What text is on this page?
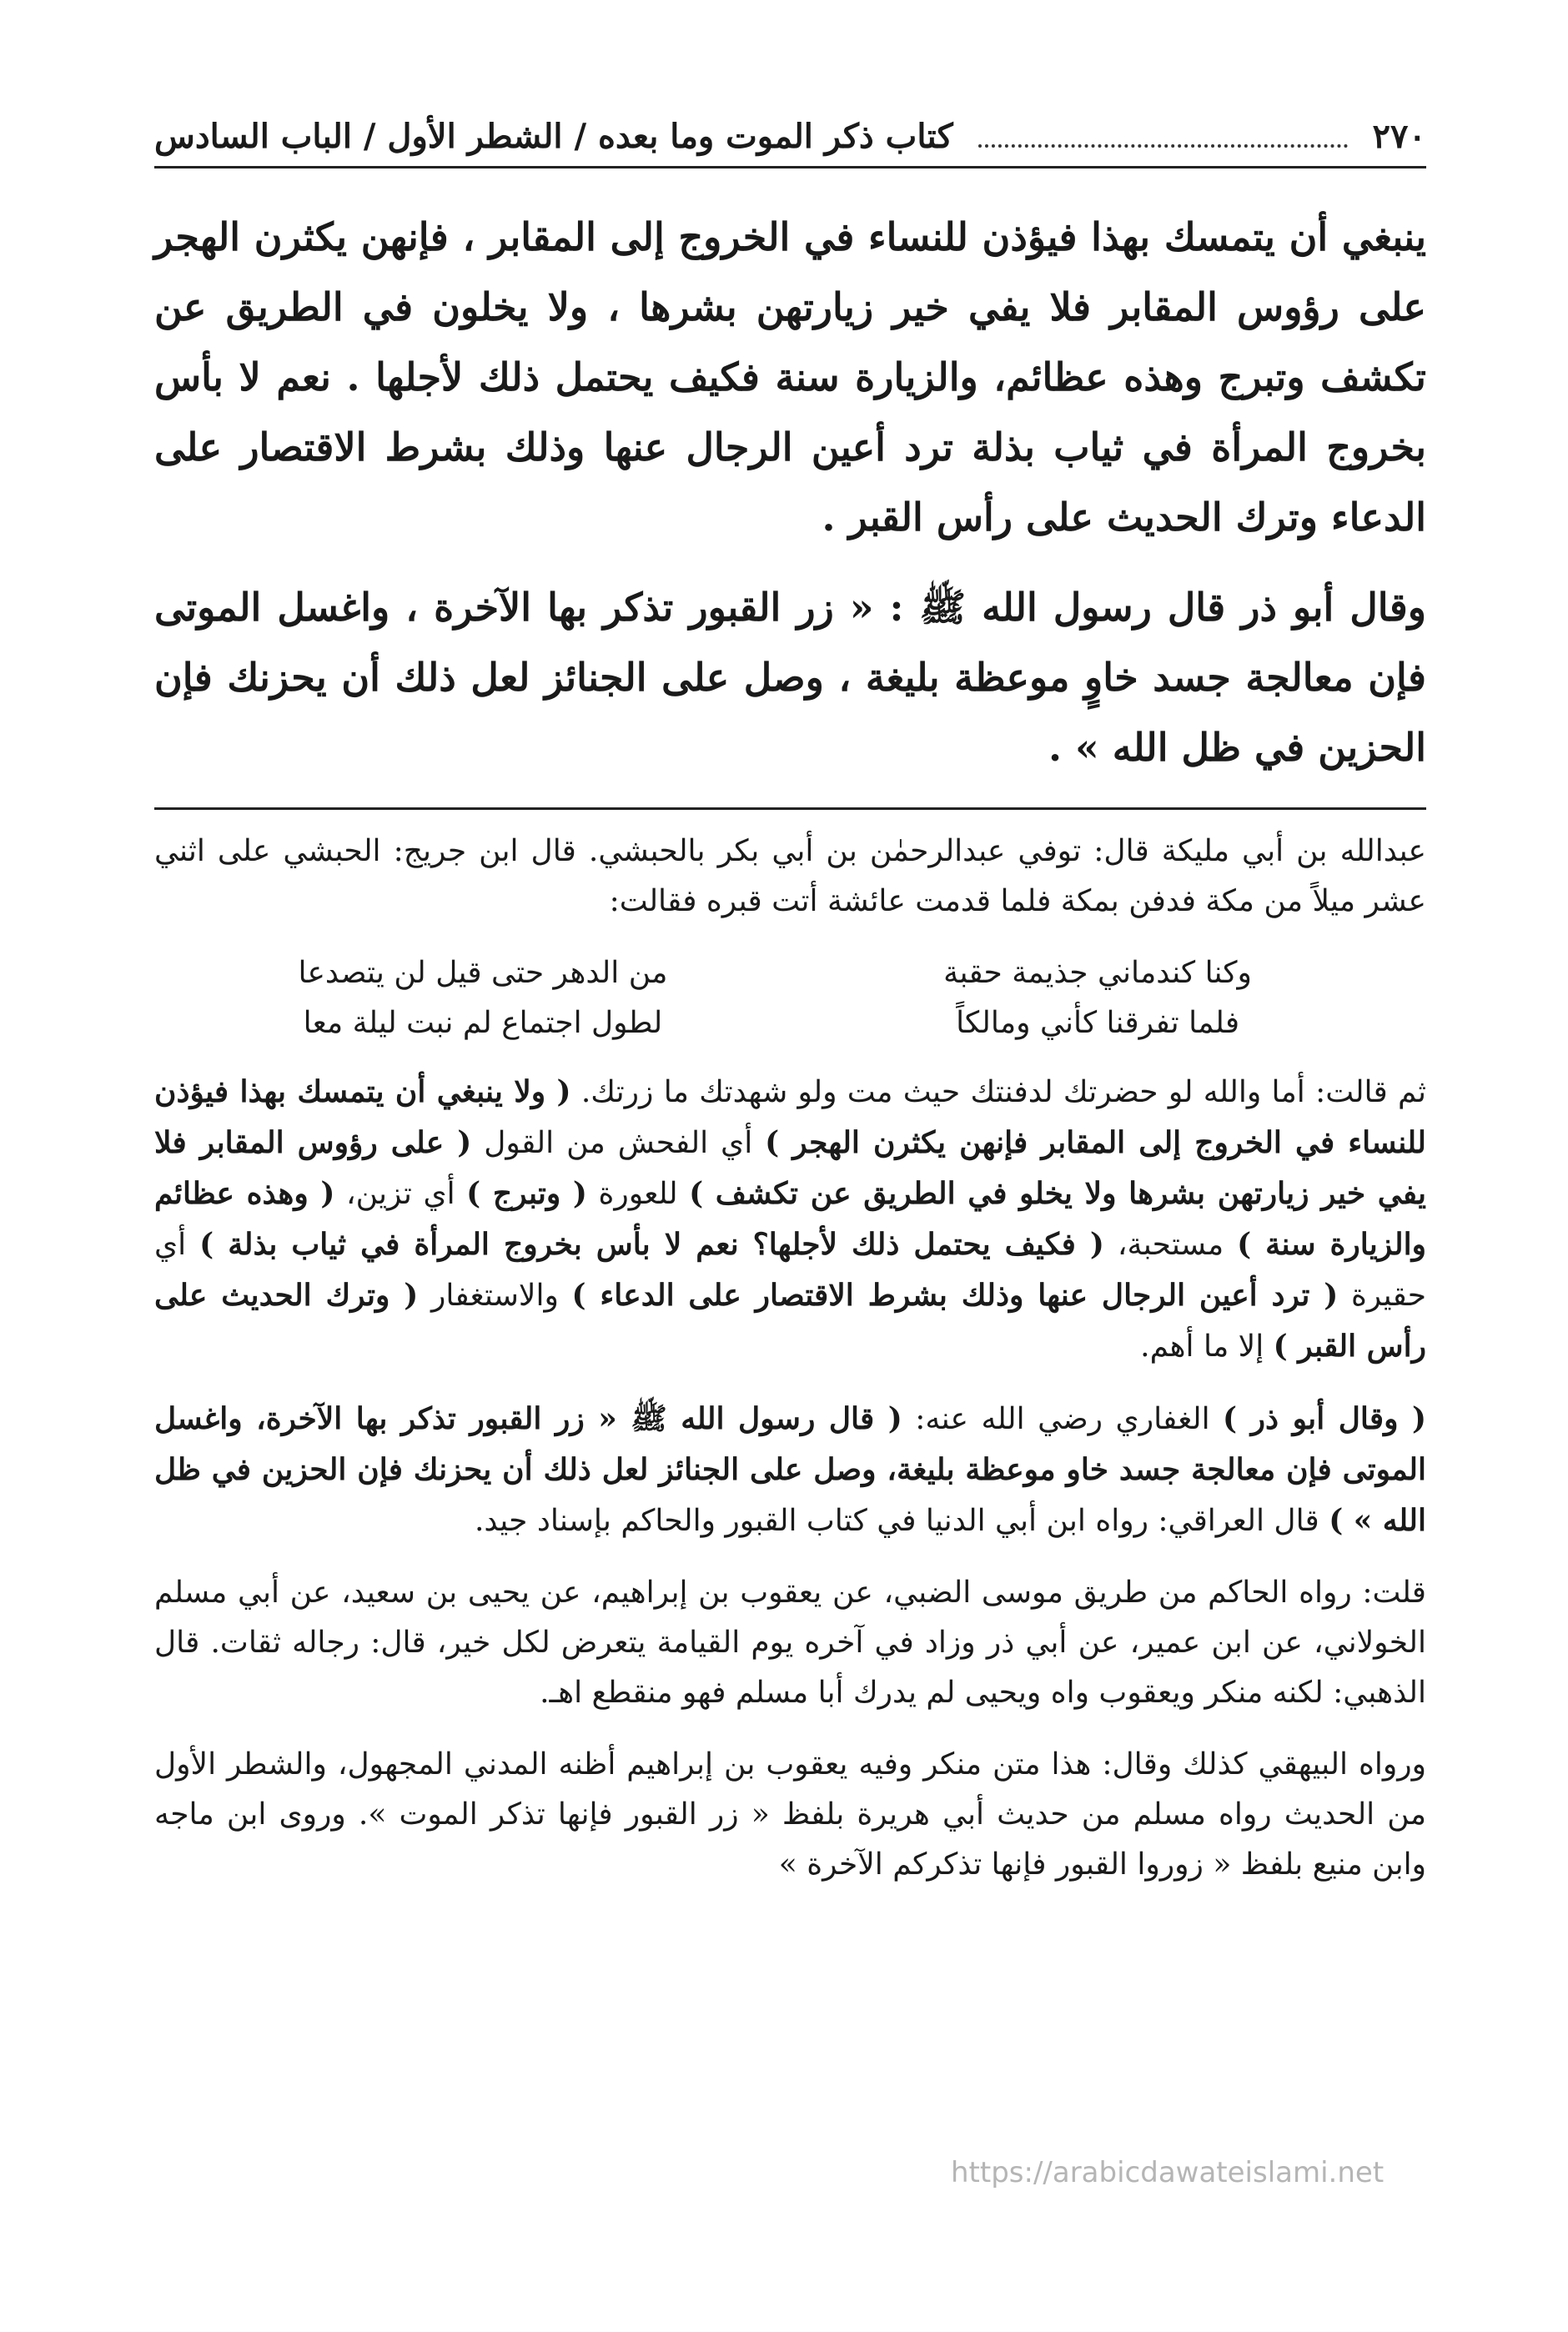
٢٧٠
كتاب ذكر الموت وما بعده / الشطر الأول / الباب السادس

ينبغي أن يتمسك بهذا فيؤذن للنساء في الخروج إلى المقابر ، فإنهن يكثرن الهجر على رؤوس المقابر فلا يفي خير زيارتهن بشرها ، ولا يخلون في الطريق عن تكشف وتبرج وهذه عظائم، والزيارة سنة فكيف يحتمل ذلك لأجلها . نعم لا بأس بخروج المرأة في ثياب بذلة ترد أعين الرجال عنها وذلك بشرط الاقتصار على الدعاء وترك الحديث على رأس القبر .

وقال أبو ذر قال رسول الله ﷺ : « زر القبور تذكر بها الآخرة ، واغسل الموتى فإن معالجة جسد خاوٍ موعظة بليغة ، وصل على الجنائز لعل ذلك أن يحزنك فإن الحزين في ظل الله » .

عبدالله بن أبي مليكة قال: توفي عبدالرحمٰن بن أبي بكر بالحبشي. قال ابن جريج: الحبشي على اثني عشر ميلاً من مكة فدفن بمكة فلما قدمت عائشة أتت قبره فقالت:

وكنا كندماني جذيمة حقبة
من الدهر حتى قيل لن يتصدعا
فلما تفرقنا كأني ومالكاً
لطول اجتماع لم نبت ليلة معا

ثم قالت: أما والله لو حضرتك لدفنتك حيث مت ولو شهدتك ما زرتك. ( ولا ينبغي أن يتمسك بهذا فيؤذن للنساء في الخروج إلى المقابر فإنهن يكثرن الهجر ) أي الفحش من القول ( على رؤوس المقابر فلا يفي خير زيارتهن بشرها ولا يخلو في الطريق عن تكشف ) للعورة ( وتبرج ) أي تزين، ( وهذه عظائم والزيارة سنة ) مستحبة، ( فكيف يحتمل ذلك لأجلها؟ نعم لا بأس بخروج المرأة في ثياب بذلة ) أي حقيرة ( ترد أعين الرجال عنها وذلك بشرط الاقتصار على الدعاء ) والاستغفار ( وترك الحديث على رأس القبر ) إلا ما أهم.

( وقال أبو ذر ) الغفاري رضي الله عنه: ( قال رسول الله ﷺ « زر القبور تذكر بها الآخرة، واغسل الموتى فإن معالجة جسد خاو موعظة بليغة، وصل على الجنائز لعل ذلك أن يحزنك فإن الحزين في ظل الله » ) قال العراقي: رواه ابن أبي الدنيا في كتاب القبور والحاكم بإسناد جيد.

قلت: رواه الحاكم من طريق موسى الضبي، عن يعقوب بن إبراهيم، عن يحيى بن سعيد، عن أبي مسلم الخولاني، عن ابن عمير، عن أبي ذر وزاد في آخره يوم القيامة يتعرض لكل خير، قال: رجاله ثقات. قال الذهبي: لكنه منكر ويعقوب واه ويحيى لم يدرك أبا مسلم فهو منقطع اهـ.

ورواه البيهقي كذلك وقال: هذا متن منكر وفيه يعقوب بن إبراهيم أظنه المدني المجهول، والشطر الأول من الحديث رواه مسلم من حديث أبي هريرة بلفظ « زر القبور فإنها تذكر الموت ». وروى ابن ماجه وابن منيع بلفظ « زوروا القبور فإنها تذكركم الآخرة »

https://arabicdawateislami.net
